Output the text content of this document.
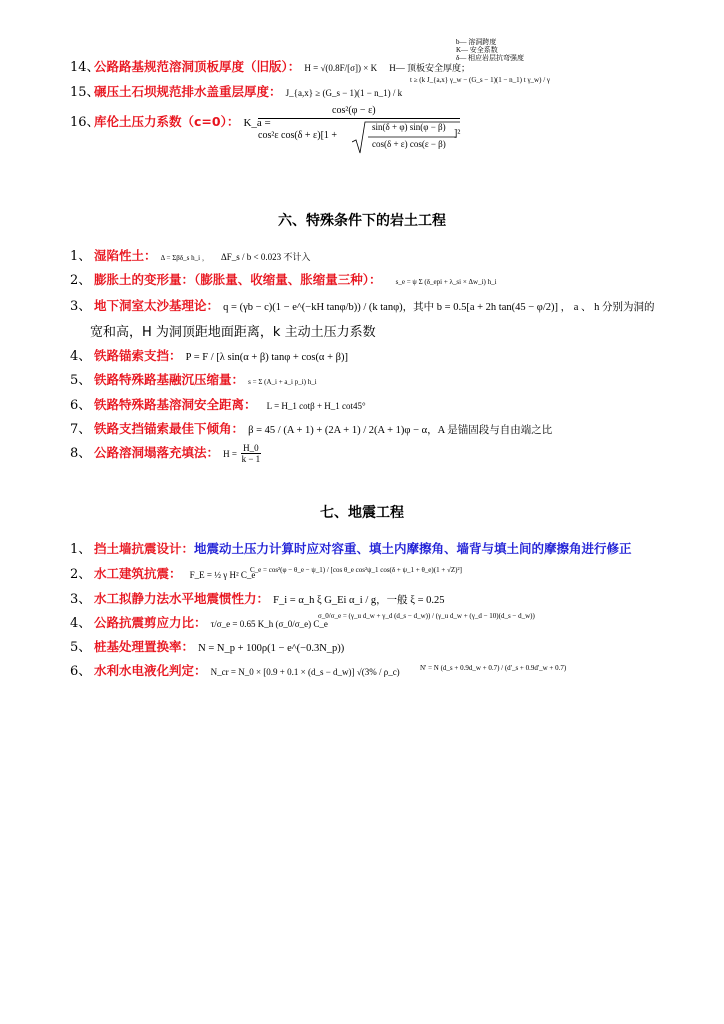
14、公路路基规范溶洞顶板厚度（旧版）： H = √(0.8F/[σ]) × K H— 顶板安全厚度；
b— 溶洞跨度
K— 安全系数
δ— 相应岩层抗弯强度
15、碾压土石坝规范排水盖重层厚度： J_{a,x} ≥ (G_s − 1)(1 − n_1) / k
t ≥ (k J_{a,x} γ_w − (G_s − 1)(1 − n_1) t γ_w) / γ
16、库伦土压力系数（c=0）： K_a =
cos²(φ − ε)
cos²ε cos(δ + ε)[1 +
sin(δ + φ) sin(φ − β)
cos(δ + ε) cos(ε − β)
]²
六、特殊条件下的岩土工程
1、 湿陷性土： Δ = Σβδ_s h_i ， ΔF_s / b < 0.023 不计入
2、 膨胀土的变形量：（膨胀量、收缩量、胀缩量三种）： s_e = ψ Σ (δ_epi + λ_si × Δw_i) h_i
3、 地下洞室太沙基理论： q = (γb − c)(1 − e^(−kH tanφ/b)) / (k tanφ)，其中 b = 0.5[a + 2h tan(45 − φ/2)] ， a 、 h 分别为洞的
宽和高，H 为洞顶距地面距离，k 主动土压力系数
4、 铁路锚索支挡： P = F / [λ sin(α + β) tanφ + cos(α + β)]
5、 铁路特殊路基融沉压缩量： s = Σ (A_i + a_i p_i) h_i
6、 铁路特殊路基溶洞安全距离： L = H_1 cotβ + H_1 cot45°
7、 铁路支挡锚索最佳下倾角： β = 45 / (A + 1) + (2A + 1) / 2(A + 1)φ − α，A 是锚固段与自由端之比
8、 公路溶洞塌落充填法： $H = \frac{H\_0}{k - 1}$
七、地震工程
1、 挡土墙抗震设计：地震动土压力计算时应对容重、填土内摩擦角、墙背与填土间的摩擦角进行修正
2、 水工建筑抗震： F_E = ½ γ H² C_e
C_e = cos²(φ − θ_e − ψ_1) / [cos θ_e cos²ψ_1 cos(δ + ψ_1 + θ_e)(1 + √Z)²]
3、 水工拟静力法水平地震惯性力： F_i = α_h ξ G_Ei α_i / g，一般 ξ = 0.25
4、 公路抗震剪应力比： τ/σ_e = 0.65 K_h (σ_0/σ_e) C_e
σ_0/σ_e = (γ_u d_w + γ_d (d_s − d_w)) / (γ_u d_w + (γ_d − 10)(d_s − d_w))
5、 桩基处理置换率： N = N_p + 100ρ(1 − e^(−0.3N_p))
6、 水利水电液化判定： N_cr = N_0 × [0.9 + 0.1 × (d_s − d_w)] √(3% / ρ_c)	N' = N (d_s + 0.9d_w + 0.7) / (d'_s + 0.9d'_w + 0.7)
